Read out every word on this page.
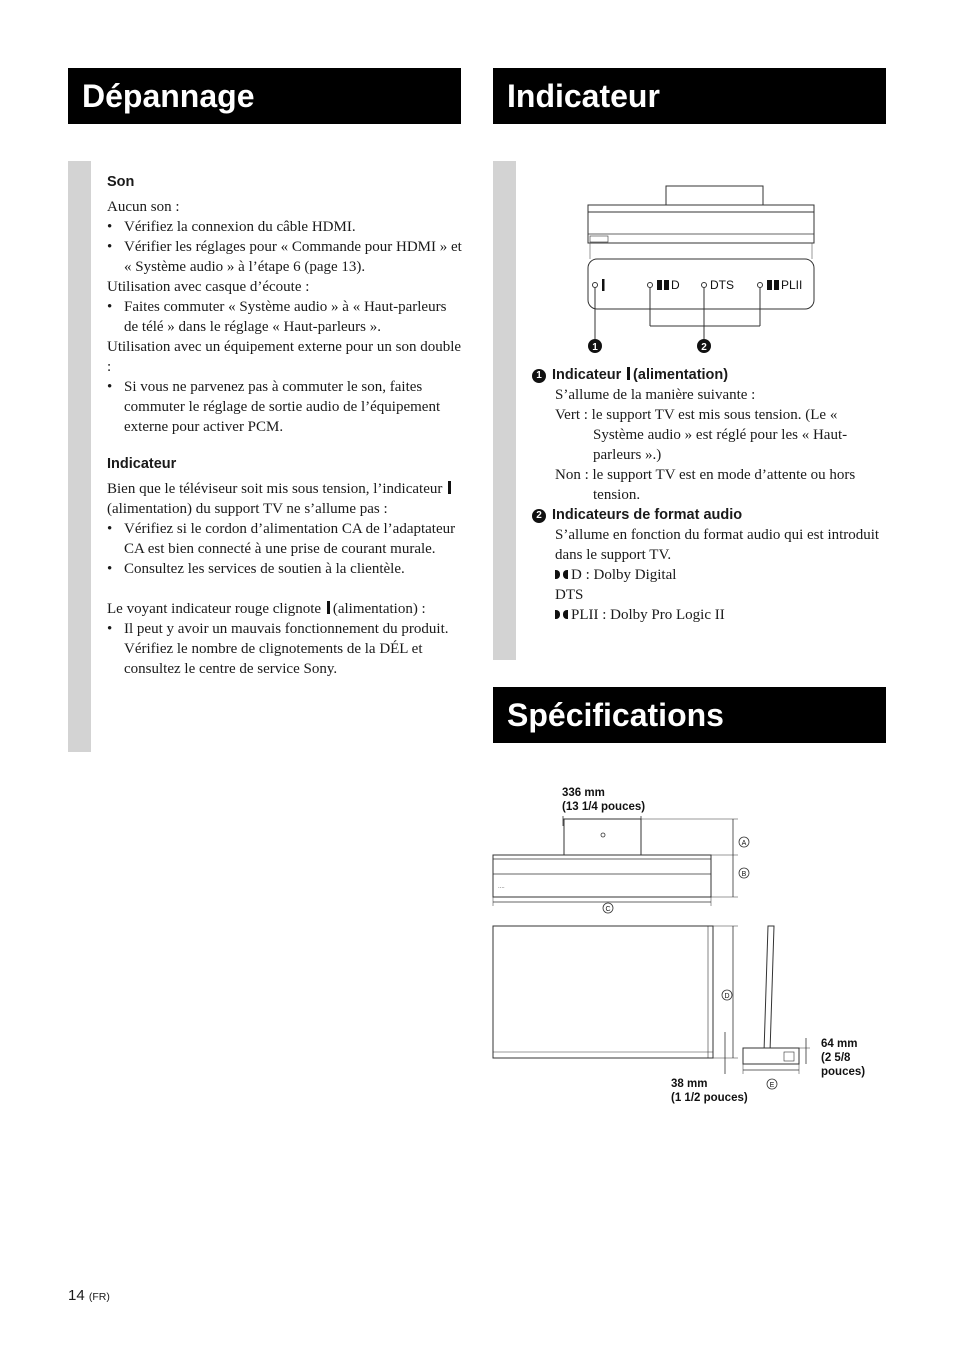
Dépannage	Indicateur
Spécifications

Son

Aucun son :

• Vérifiez la connexion du câble HDMI.
• Vérifier les réglages pour « Commande pour HDMI » et « Système audio » à l’étape 6 (page 13).

Utilisation avec casque d’écoute :

• Faites commuter « Système audio » à « Haut-parleurs de télé » dans le réglage « Haut-parleurs ».

Utilisation avec un équipement externe pour un son double :

• Si vous ne parvenez pas à commuter le son, faites commuter le réglage de sortie audio de l’équipement externe pour activer PCM.

Indicateur

Bien que le téléviseur soit mis sous tension, l’indicateur (alimentation) du support TV ne s’allume pas :

• Vérifiez si le cordon d’alimentation CA de l’adaptateur CA est bien connecté à une prise de courant murale.
• Consultez les services de soutien à la clientèle.

Le voyant indicateur rouge clignote (alimentation) :

• Il peut y avoir un mauvais fonctionnement du produit. Vérifiez le nombre de clignotements de la DÉL et consultez le centre de service Sony.
D	DTS	PLII
1	2

1 Indicateur (alimentation)

S’allume de la manière suivante :

Vert : le support TV est mis sous tension. (Le « Système audio » est réglé pour les « Haut-parleurs ».)

Non : le support TV est en mode d’attente ou hors tension.

2 Indicateurs de format audio

S’allume en fonction du format audio qui est introduit dans le support TV.

D : Dolby Digital

DTS

PLII : Dolby Pro Logic II

336 mm
(13 1/4 pouces)
64 mm
(2 5/8
pouces)
38 mm
(1 1/2 pouces)
....
A
B
C
D
E
14 (FR)
